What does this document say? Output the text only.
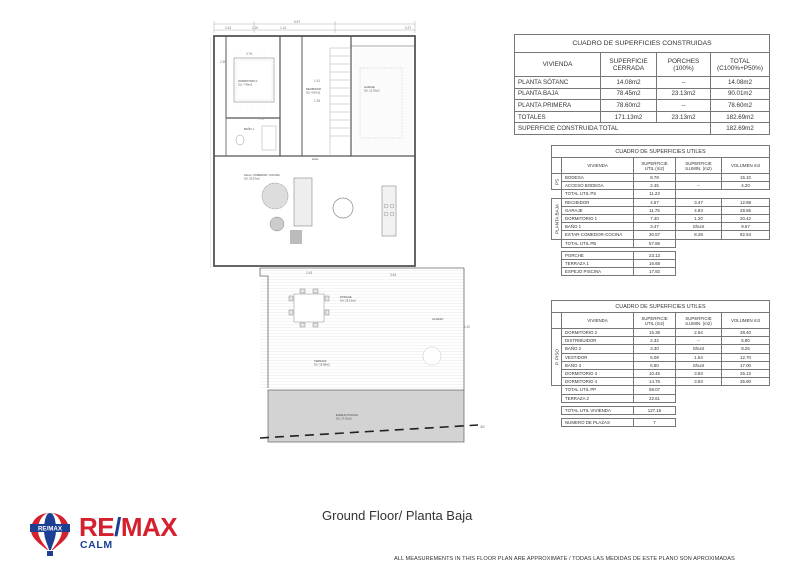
0.43	1.20
6.87
0.27
1.14
1.41
1.26
2.50
1.40
10
DORMITORIO 1
SU: 7.40m2
BAÑO 1
RECIBIDOR
SU: 4.67m2
GARAJE
SU: 11.75m2
HALL
SALA / COMEDOR / COCINA
SU: 30.57m2
PORCHE
SU: 23.13m2
TERRAZA
SU: 16.68m2
ACCESO
ESPEJO PISCINA
SU: 17.92m2
CUADRO DE SUPERFICIES CONSTRUIDAS			
VIVIENDA	SUPERFICIE CERRADA	PORCHES (100%)	TOTAL (C100%+P50%)
PLANTA SÓTANC	14.08m2	--	14.08m2
PLANTA BAJA	78.45m2	23.13m2	90.01m2
PLANTA PRIMERA	78.60m2	--	78.60m2
TOTALES	171.13m2	23.13m2	182.69m2
SUPERFICIE CONSTRUIDA TOTAL			182.69m2
CUADRO DE SUPERFICIES UTILES				
	VIVIENDA	SUPERFICIE UTIL (m2)	SUPERFICIE ILUMIN. (m2)	VOLUMEN m3

PS	BODEGA	8.78		15.10
	ACCESO BODEGA	2.45	--	4.20
	TOTAL UTIL PS	11.23		

PLANTA BAJA	RECIBIDOR	4.67	3.47	12.88
	GARAJE	11.75	4.83	28.55
	DORMITORIO 1	7.40	1.20	20.42
	BAÑO 1	3.47	Shunt	9.57
	ESTAR-COMEDOR-COCINA	30.57	8.28	82.54
	TOTAL UTIL PB	57.86		

	PORCHE	23.13		
	TERRAZA 1	16.68		
	ESPEJO PISCINA	17.92		
CUADRO DE SUPERFICIES UTILES				
	VIVIENDA	SUPERFICIE UTIL (m2)	SUPERFICIE ILUMIN. (m2)	VOLUMEN m3

P. PISO	DORMITORIO 2	15.38	2.64	38.40
	DISTRIBUIDOR	2.32	--	5.80
	BAÑO 2	3.30	Shunt	8.25
	VESTIDOR	5.08	1.54	12.70
	BAÑO 3	6.80	Shunt	17.00
	DORMITORIO 3	10.45	3.83	26.13
	DORMITORIO 4	14.76	3.83	36.90
	TOTAL UTIL PP	58.07		
	TERRAZA 2	22.61		

	TOTAL UTIL VIVIENDA	127.16		

	NUMERO DE PLAZAS	7		
Ground Floor/ Planta Baja
ALL MEASUREMENTS IN THIS FLOOR PLAN ARE APPROXIMATE / TODAS LAS MEDIDAS DE ESTE PLANO SON APROXIMADAS
RE/MAX RE/MAX
CALM
